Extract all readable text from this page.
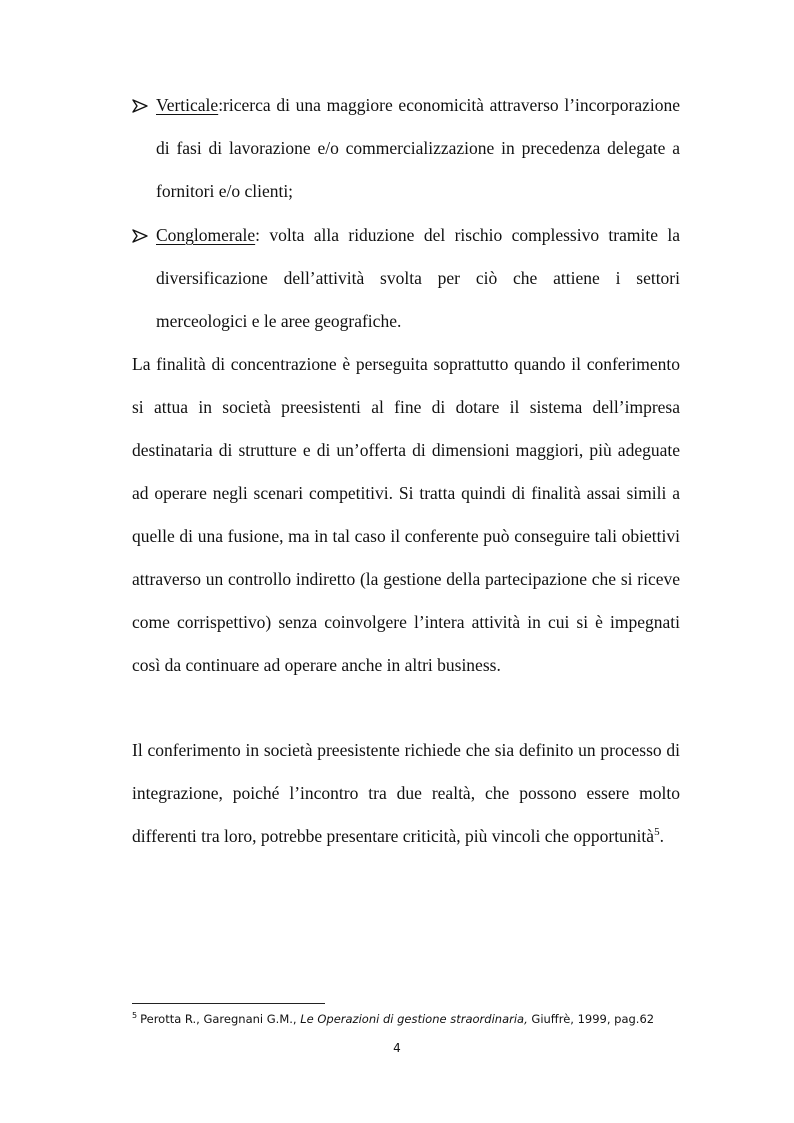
Verticale:ricerca di una maggiore economicità attraverso l’incorporazione di fasi di lavorazione e/o commercializzazione in precedenza delegate a fornitori e/o clienti;
Conglomerale: volta alla riduzione del rischio complessivo tramite la diversificazione dell’attività svolta per ciò che attiene i settori merceologici e le aree geografiche.

La finalità di concentrazione è perseguita soprattutto quando il conferimento si attua in società preesistenti al fine di dotare il sistema dell’impresa destinataria di strutture e di un’offerta di dimensioni maggiori, più adeguate ad operare negli scenari competitivi. Si tratta quindi di finalità assai simili a quelle di una fusione, ma in tal caso il conferente può conseguire tali obiettivi attraverso un controllo indiretto (la gestione della partecipazione che si riceve come corrispettivo) senza coinvolgere l’intera attività in cui si è impegnati così da continuare ad operare anche in altri business.

Il conferimento in società preesistente richiede che sia definito un processo di integrazione, poiché l’incontro tra due realtà, che possono essere molto differenti tra loro, potrebbe presentare criticità, più vincoli che opportunità$^5$.

$^5$ Perotta R., Garegnani G.M., Le Operazioni di gestione straordinaria, Giuffrè, 1999, pag.62
4
